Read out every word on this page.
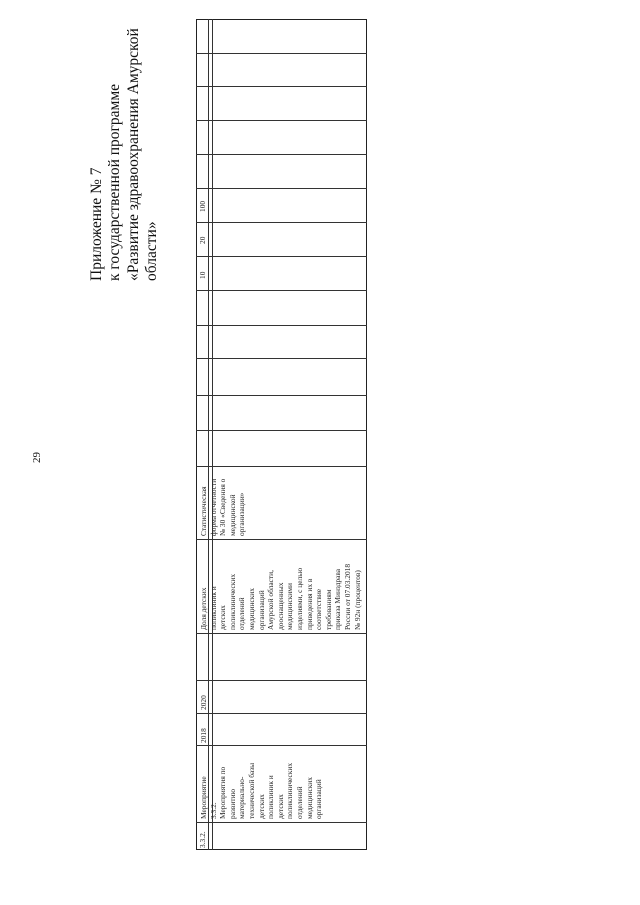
29
Приложение № 7 к государственной программе «Развитие здравоохранения Амурской области»
3.3.2.
Мероприятие 3.3.2. Мероприятия по развитию материально- технической базы детских поликлиник и детских поликлинических отделений медицинских организаций
2018
2020
Доля детских поликлиник и детских поликлинических отделений медицинских организаций Амурской области, дооснащенных медицинскими изделиями, с целью приведения их в соответствие требованиям приказа Минздрава России от 07.03.2018 № 92н (процентов)
Статистическая форма отчетности № 30 «Сведения о медицинской организации»
10
20
100
